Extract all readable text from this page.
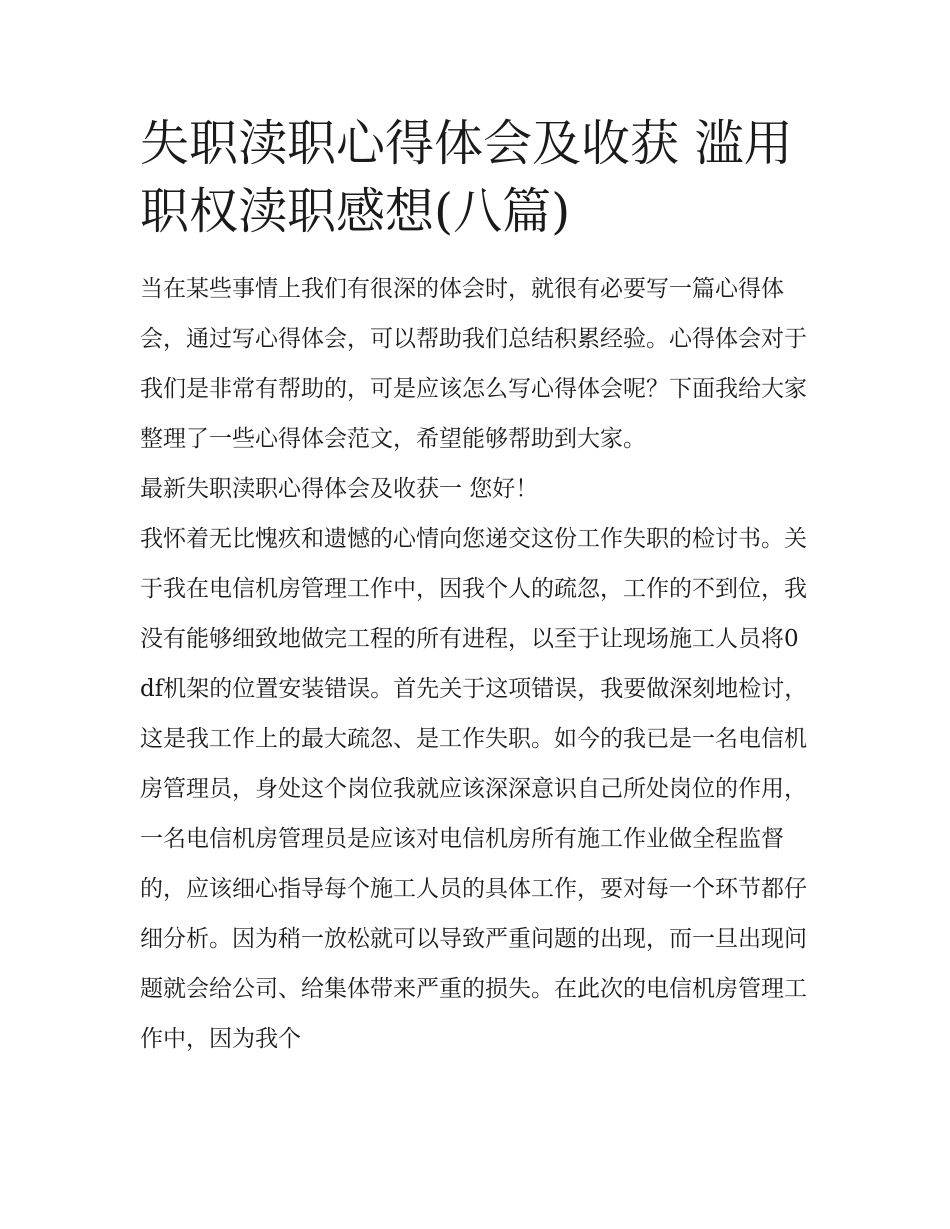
失职渎职心得体会及收获 滥用职权渎职感想(八篇)

当在某些事情上我们有很深的体会时，就很有必要写一篇心得体会，通过写心得体会，可以帮助我们总结积累经验。心得体会对于我们是非常有帮助的，可是应该怎么写心得体会呢？下面我给大家整理了一些心得体会范文，希望能够帮助到大家。

最新失职渎职心得体会及收获一 您好！

我怀着无比愧疚和遗憾的心情向您递交这份工作失职的检讨书。关于我在电信机房管理工作中，因我个人的疏忽，工作的不到位，我没有能够细致地做完工程的所有进程，以至于让现场施工人员将0df机架的位置安装错误。首先关于这项错误，我要做深刻地检讨，这是我工作上的最大疏忽、是工作失职。如今的我已是一名电信机房管理员，身处这个岗位我就应该深深意识自己所处岗位的作用，一名电信机房管理员是应该对电信机房所有施工作业做全程监督的，应该细心指导每个施工人员的具体工作，要对每一个环节都仔细分析。因为稍一放松就可以导致严重问题的出现，而一旦出现问题就会给公司、给集体带来严重的损失。在此次的电信机房管理工作中，因为我个
